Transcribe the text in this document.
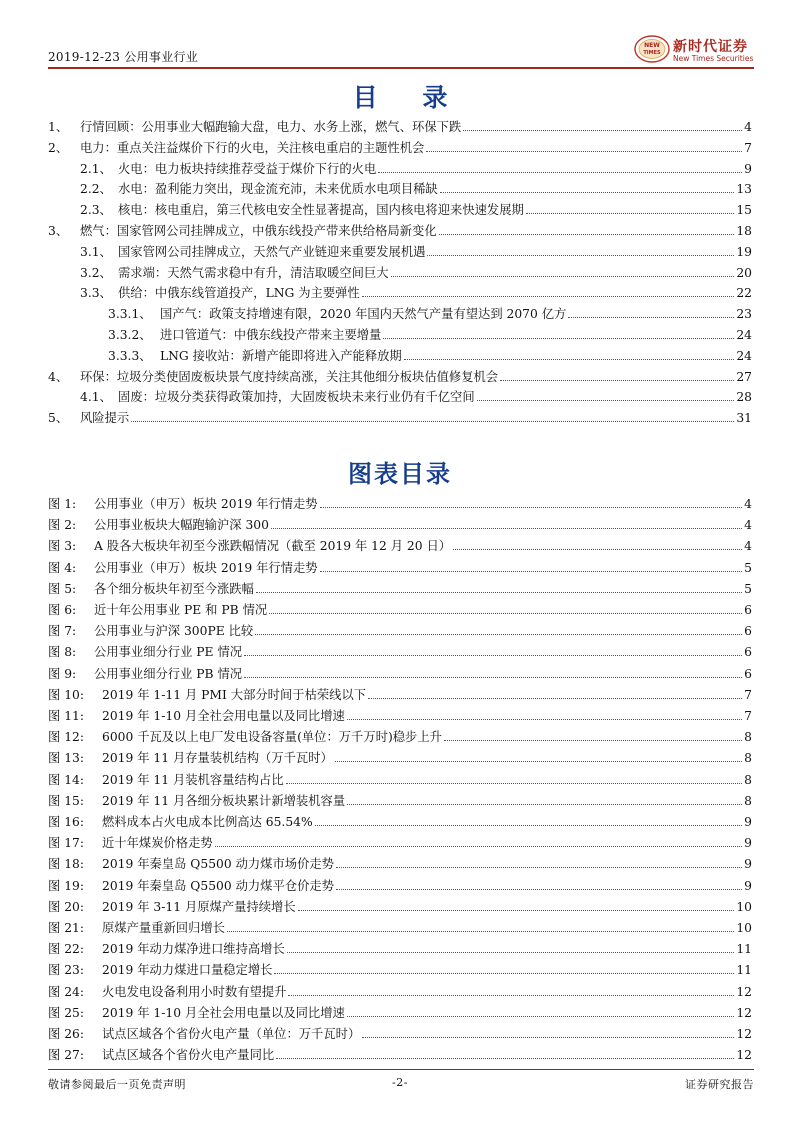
2019-12-23 公用事业行业
NEW
TIMES 新时代证券
New Times Securities
目 录
1、 行情回顾：公用事业大幅跑输大盘，电力、水务上涨，燃气、环保下跌	4
2、 电力：重点关注益煤价下行的火电，关注核电重启的主题性机会	7
2.1、 火电：电力板块持续推荐受益于煤价下行的火电	9
2.2、 水电：盈利能力突出，现金流充沛，未来优质水电项目稀缺	13
2.3、 核电：核电重启，第三代核电安全性显著提高，国内核电将迎来快速发展期	15
3、 燃气：国家管网公司挂牌成立，中俄东线投产带来供给格局新变化	18
3.1、 国家管网公司挂牌成立，天然气产业链迎来重要发展机遇	19
3.2、 需求端：天然气需求稳中有升，清洁取暖空间巨大	20
3.3、 供给：中俄东线管道投产，LNG 为主要弹性	22
3.3.1、 国产气：政策支持增速有限，2020 年国内天然气产量有望达到 2070 亿方	23
3.3.2、 进口管道气：中俄东线投产带来主要增量	24
3.3.3、 LNG 接收站：新增产能即将进入产能释放期	24
4、 环保：垃圾分类使固废板块景气度持续高涨，关注其他细分板块估值修复机会	27
4.1、 固废：垃圾分类获得政策加持，大固废板块未来行业仍有千亿空间	28
5、 风险提示	31
图表目录
图 1:	公用事业（申万）板块 2019 年行情走势	4
图 2:	公用事业板块大幅跑输沪深 300	4
图 3:	A 股各大板块年初至今涨跌幅情况（截至 2019 年 12 月 20 日）	4
图 4:	公用事业（申万）板块 2019 年行情走势	5
图 5:	各个细分板块年初至今涨跌幅	5
图 6:	近十年公用事业 PE 和 PB 情况	6
图 7:	公用事业与沪深 300PE 比较	6
图 8:	公用事业细分行业 PE 情况	6
图 9:	公用事业细分行业 PB 情况	6
图 10:	2019 年 1-11 月 PMI 大部分时间于枯荣线以下	7
图 11:	2019 年 1-10 月全社会用电量以及同比增速	7
图 12:	6000 千瓦及以上电厂发电设备容量(单位：万千万时)稳步上升	8
图 13:	2019 年 11 月存量装机结构（万千瓦时）	8
图 14:	2019 年 11 月装机容量结构占比	8
图 15:	2019 年 11 月各细分板块累计新增装机容量	8
图 16:	燃料成本占火电成本比例高达 65.54%	9
图 17:	近十年煤炭价格走势	9
图 18:	2019 年秦皇岛 Q5500 动力煤市场价走势	9
图 19:	2019 年秦皇岛 Q5500 动力煤平仓价走势	9
图 20:	2019 年 3-11 月原煤产量持续增长	10
图 21:	原煤产量重新回归增长	10
图 22:	2019 年动力煤净进口维持高增长	11
图 23:	2019 年动力煤进口量稳定增长	11
图 24:	火电发电设备利用小时数有望提升	12
图 25:	2019 年 1-10 月全社会用电量以及同比增速	12
图 26:	试点区域各个省份火电产量（单位：万千瓦时）	12
图 27:	试点区域各个省份火电产量同比	12
敬请参阅最后一页免责声明	-2-	证券研究报告
